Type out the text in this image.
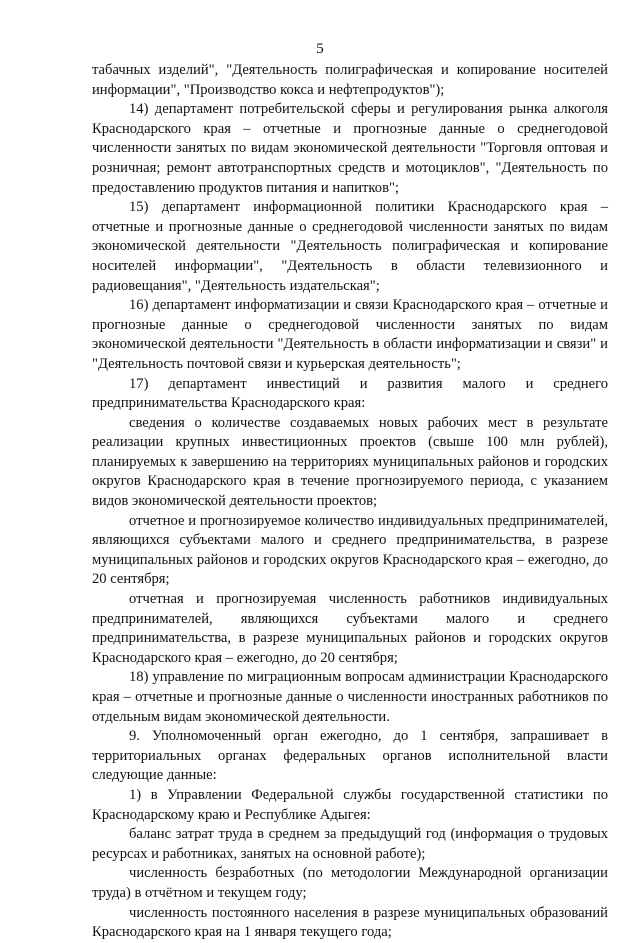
5

табачных изделий", "Деятельность полиграфическая и копирование носителей информации", "Производство кокса и нефтепродуктов");

14) департамент потребительской сферы и регулирования рынка алкоголя Краснодарского края – отчетные и прогнозные данные о среднегодовой численности занятых по видам экономической деятельности "Торговля оптовая и розничная; ремонт автотранспортных средств и мотоциклов", "Деятельность по предоставлению продуктов питания и напитков";

15) департамент информационной политики Краснодарского края – отчетные и прогнозные данные о среднегодовой численности занятых по видам экономической деятельности "Деятельность полиграфическая и копирование носителей информации", "Деятельность в области телевизионного и радиовещания", "Деятельность издательская";

16) департамент информатизации и связи Краснодарского края – отчетные и прогнозные данные о среднегодовой численности занятых по видам экономической деятельности "Деятельность в области информатизации и связи" и "Деятельность почтовой связи и курьерская деятельность";

17) департамент инвестиций и развития малого и среднего предпринимательства Краснодарского края:

сведения о количестве создаваемых новых рабочих мест в результате реализации крупных инвестиционных проектов (свыше 100 млн рублей), планируемых к завершению на территориях муниципальных районов и городских округов Краснодарского края в течение прогнозируемого периода, с указанием видов экономической деятельности проектов;

отчетное и прогнозируемое количество индивидуальных предпринимателей, являющихся субъектами малого и среднего предпринимательства, в разрезе муниципальных районов и городских округов Краснодарского края – ежегодно, до 20 сентября;

отчетная и прогнозируемая численность работников индивидуальных предпринимателей, являющихся субъектами малого и среднего предпринимательства, в разрезе муниципальных районов и городских округов Краснодарского края – ежегодно, до 20 сентября;

18) управление по миграционным вопросам администрации Краснодарского края – отчетные и прогнозные данные о численности иностранных работников по отдельным видам экономической деятельности.

9. Уполномоченный орган ежегодно, до 1 сентября, запрашивает в территориальных органах федеральных органов исполнительной власти следующие данные:

1) в Управлении Федеральной службы государственной статистики по Краснодарскому краю и Республике Адыгея:

баланс затрат труда в среднем за предыдущий год (информация о трудовых ресурсах и работниках, занятых на основной работе);

численность безработных (по методологии Международной организации труда) в отчётном и текущем году;

численность постоянного населения в разрезе муниципальных образований Краснодарского края на 1 января текущего года;
